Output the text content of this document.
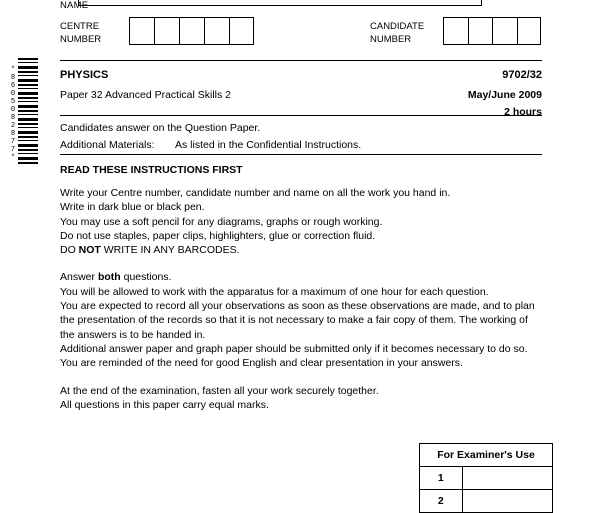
NAME
CENTRE
NUMBER
CANDIDATE
NUMBER
*8605082877*	PHYSICS	9702/32
Paper 32 Advanced Practical Skills 2	May/June 2009
2 hours
Candidates answer on the Question Paper.
Additional Materials: As listed in the Confidential Instructions.
READ THESE INSTRUCTIONS FIRST

Write your Centre number, candidate number and name on all the work you hand in.

Write in dark blue or black pen.

You may use a soft pencil for any diagrams, graphs or rough working.

Do not use staples, paper clips, highlighters, glue or correction fluid.

DO NOT WRITE IN ANY BARCODES.

Answer both questions.

You will be allowed to work with the apparatus for a maximum of one hour for each question.

You are expected to record all your observations as soon as these observations are made, and to plan the presentation of the records so that it is not necessary to make a fair copy of them. The working of the answers is to be handed in.

Additional answer paper and graph paper should be submitted only if it becomes necessary to do so.

You are reminded of the need for good English and clear presentation in your answers.

At the end of the examination, fasten all your work securely together.

All questions in this paper carry equal marks.

For Examiner's Use	
1	
2	
